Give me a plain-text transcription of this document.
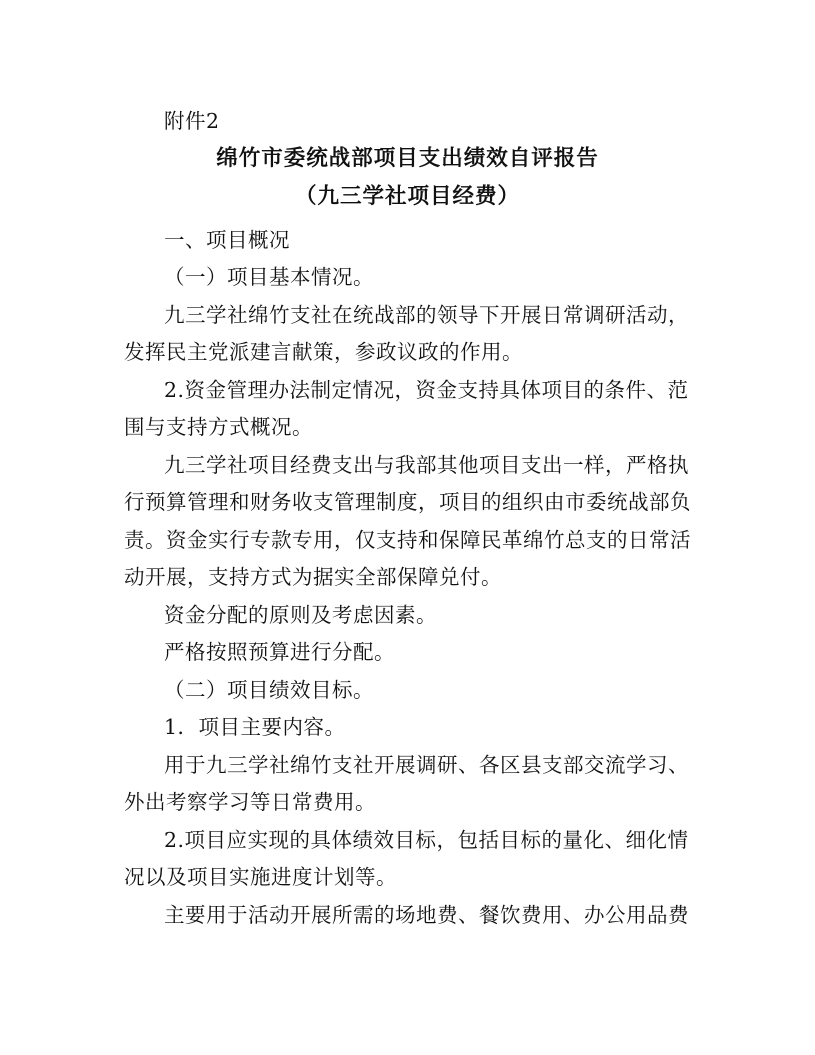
附件2
绵竹市委统战部项目支出绩效自评报告
（九三学社项目经费）
一、项目概况
（一）项目基本情况。
九三学社绵竹支社在统战部的领导下开展日常调研活动，
发挥民主党派建言献策，参政议政的作用。
2.资金管理办法制定情况，资金支持具体项目的条件、范
围与支持方式概况。
九三学社项目经费支出与我部其他项目支出一样，严格执
行预算管理和财务收支管理制度，项目的组织由市委统战部负
责。资金实行专款专用，仅支持和保障民革绵竹总支的日常活
动开展，支持方式为据实全部保障兑付。
资金分配的原则及考虑因素。
严格按照预算进行分配。
（二）项目绩效目标。
1．项目主要内容。
用于九三学社绵竹支社开展调研、各区县支部交流学习、
外出考察学习等日常费用。
2.项目应实现的具体绩效目标，包括目标的量化、细化情
况以及项目实施进度计划等。
主要用于活动开展所需的场地费、餐饮费用、办公用品费
